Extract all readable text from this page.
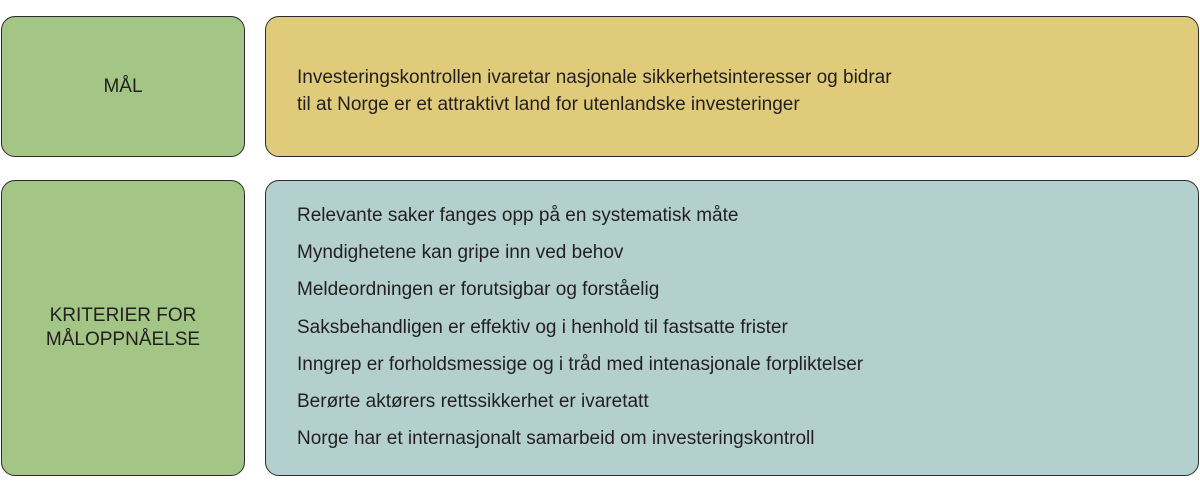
MÅL	Investeringskontrollen ivaretar nasjonale sikkerhetsinteresser og bidrar
til at Norge er et attraktivt land for utenlandske investeringer
KRITERIER FOR
MÅLOPPNÅELSE
Relevante saker fanges opp på en systematisk måte
Myndighetene kan gripe inn ved behov
Meldeordningen er forutsigbar og forståelig
Saksbehandligen er effektiv og i henhold til fastsatte frister
Inngrep er forholdsmessige og i tråd med intenasjonale forpliktelser
Berørte aktørers rettssikkerhet er ivaretatt
Norge har et internasjonalt samarbeid om investeringskontroll
